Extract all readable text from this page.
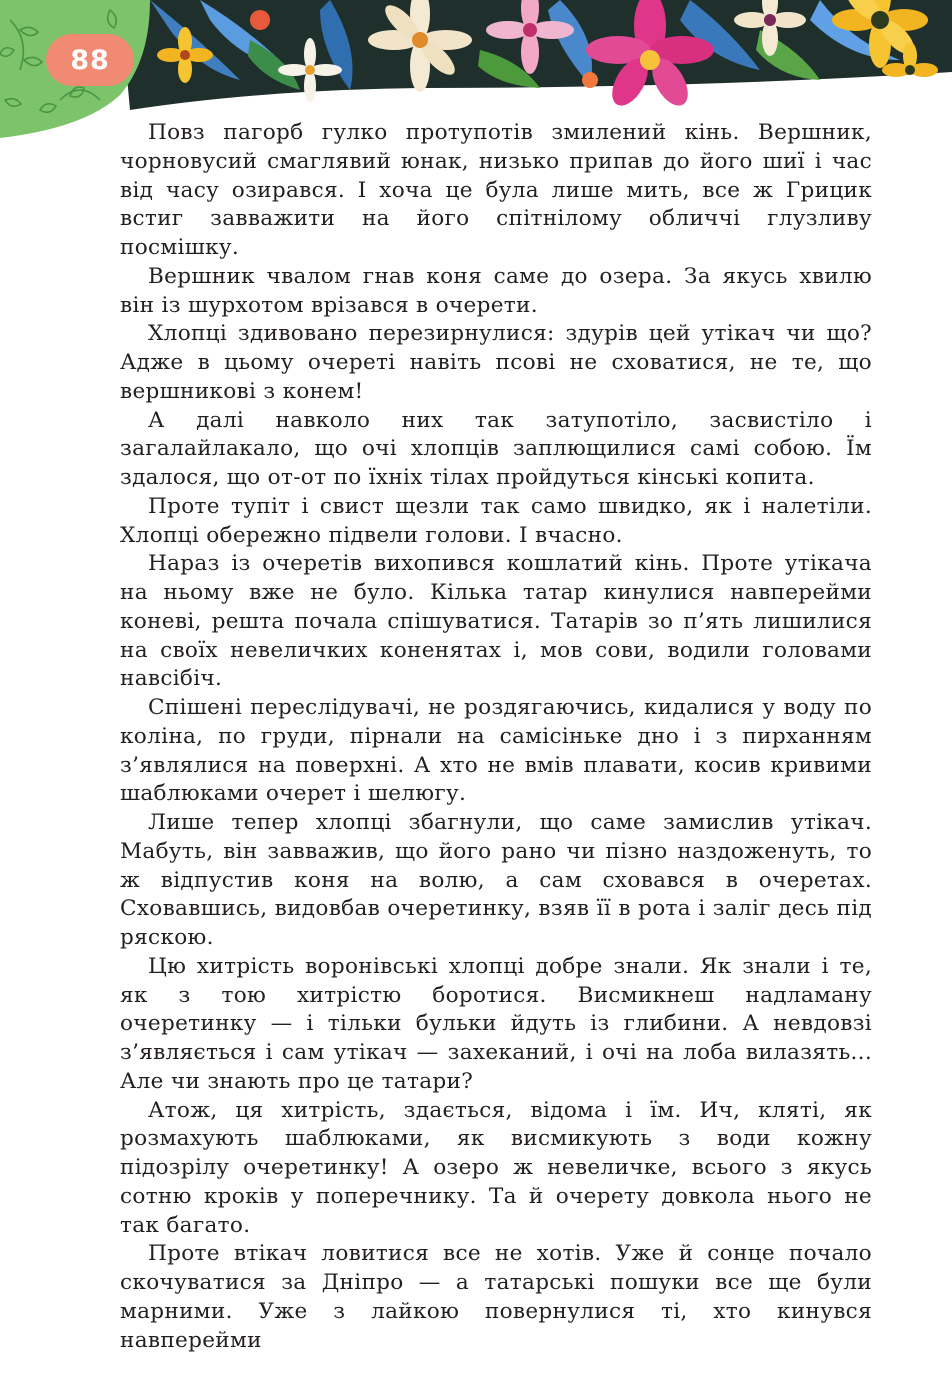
88

Повз пагорб гулко протупотів змилений кінь. Вершник, чорновусий смаглявий юнак, низько припав до його шиї і час від часу озирався. І хоча це була лише мить, все ж Грицик встиг завважити на його спітнілому обличчі глузливу посмішку.

Вершник чвалом гнав коня саме до озера. За якусь хвилю він із шурхотом врізався в очерети.

Хлопці здивовано перезирнулися: здурів цей утікач чи що? Адже в цьому очереті навіть псові не сховатися, не те, що вершникові з конем!

А далі навколо них так затупотіло, засвистіло і загалайлакало, що очі хлопців заплющилися самі собою. Їм здалося, що от-от по їхніх тілах пройдуться кінські копита.

Проте тупіт і свист щезли так само швидко, як і налетіли. Хлопці обережно підвели голови. І вчасно.

Нараз із очеретів вихопився кошлатий кінь. Проте утікача на ньому вже не було. Кілька татар кинулися навперейми коневі, решта почала спішуватися. Татарів зо п’ять лишилися на своїх невеличких коненятах і, мов сови, водили головами навсібіч.

Спішені переслідувачі, не роздягаючись, кидалися у воду по коліна, по груди, пірнали на самісіньке дно і з пирханням з’являлися на поверхні. А хто не вмів плавати, косив кривими шаблюками очерет і шелюгу.

Лише тепер хлопці збагнули, що саме замислив утікач. Мабуть, він завважив, що його рано чи пізно наздоженуть, то ж відпустив коня на волю, а сам сховався в очеретах. Сховавшись, видовбав очеретинку, взяв її в рота і заліг десь під ряскою.

Цю хитрість воронівські хлопці добре знали. Як знали і те, як з тою хитрістю боротися. Висмикнеш надламану очеретинку — і тільки бульки йдуть із глибини. А невдовзі з’являється і сам утікач — захеканий, і очі на лоба вилазять... Але чи знають про це татари?

Атож, ця хитрість, здається, відома і їм. Ич, кляті, як розмахують шаблюками, як висмикують з води кожну підозрілу очеретинку! А озеро ж невеличке, всього з якусь сотню кроків у поперечнику. Та й очерету довкола нього не так багато.

Проте втікач ловитися все не хотів. Уже й сонце почало скочуватися за Дніпро — а татарські пошуки все ще були марними. Уже з лайкою повернулися ті, хто кинувся навперейми
